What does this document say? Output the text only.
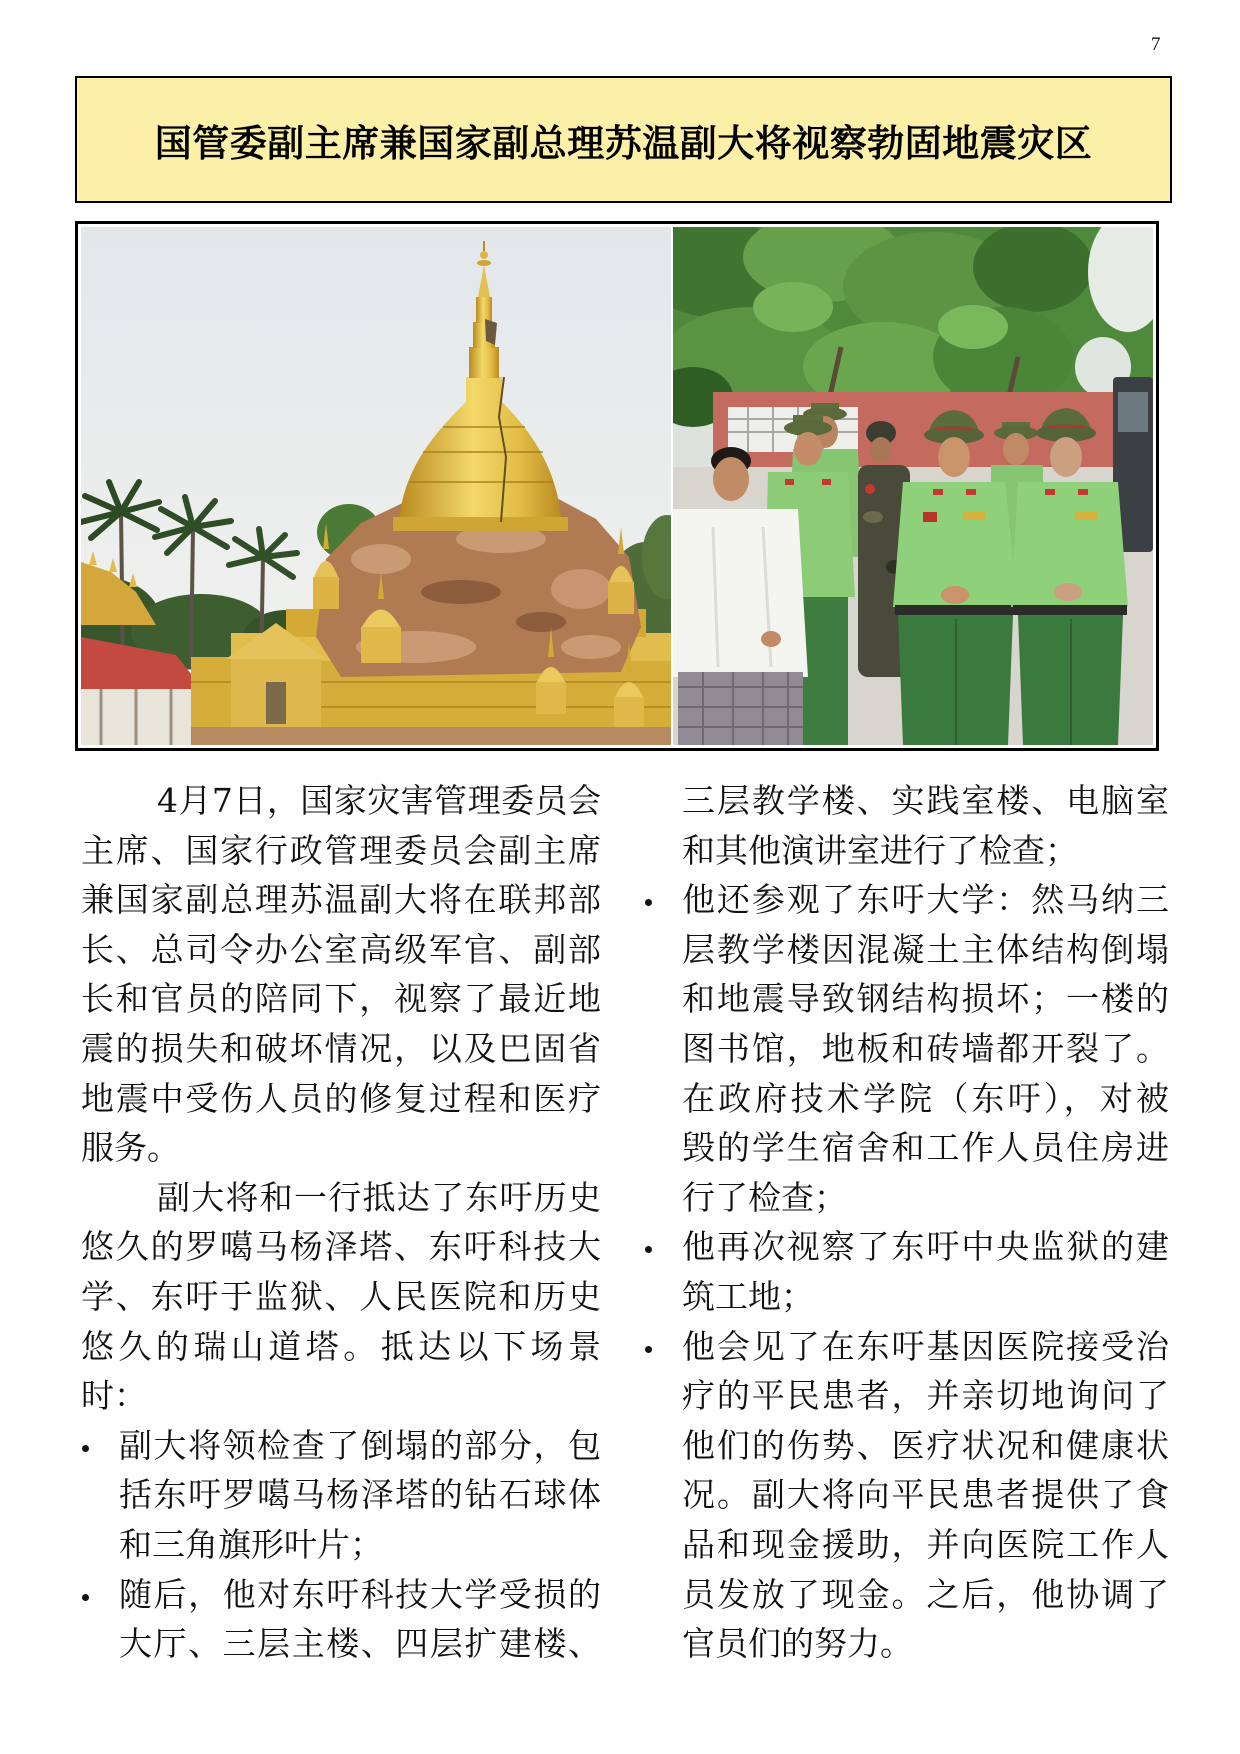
7
国管委副主席兼国家副总理苏温副大将视察勃固地震灾区
4月7日，国家灾害管理委员会
主席、国家行政管理委员会副主席
兼国家副总理苏温副大将在联邦部
长、总司令办公室高级军官、副部
长和官员的陪同下，视察了最近地
震的损失和破坏情况，以及巴固省
地震中受伤人员的修复过程和医疗
服务。
副大将和一行抵达了东吁历史
悠久的罗噶马杨泽塔、东吁科技大
学、东吁于监狱、人民医院和历史
悠久的瑞山道塔。抵达以下场景
时：
副大将领检查了倒塌的部分，包
括东吁罗噶马杨泽塔的钻石球体
和三角旗形叶片；
随后，他对东吁科技大学受损的
大厅、三层主楼、四层扩建楼、
三层教学楼、实践室楼、电脑室
和其他演讲室进行了检查；
他还参观了东吁大学：然马纳三
层教学楼因混凝土主体结构倒塌
和地震导致钢结构损坏；一楼的
图书馆，地板和砖墙都开裂了。
在政府技术学院（东吁），对被
毁的学生宿舍和工作人员住房进
行了检查；
他再次视察了东吁中央监狱的建
筑工地；
他会见了在东吁基因医院接受治
疗的平民患者，并亲切地询问了
他们的伤势、医疗状况和健康状
况。副大将向平民患者提供了食
品和现金援助，并向医院工作人
员发放了现金。之后，他协调了
官员们的努力。
